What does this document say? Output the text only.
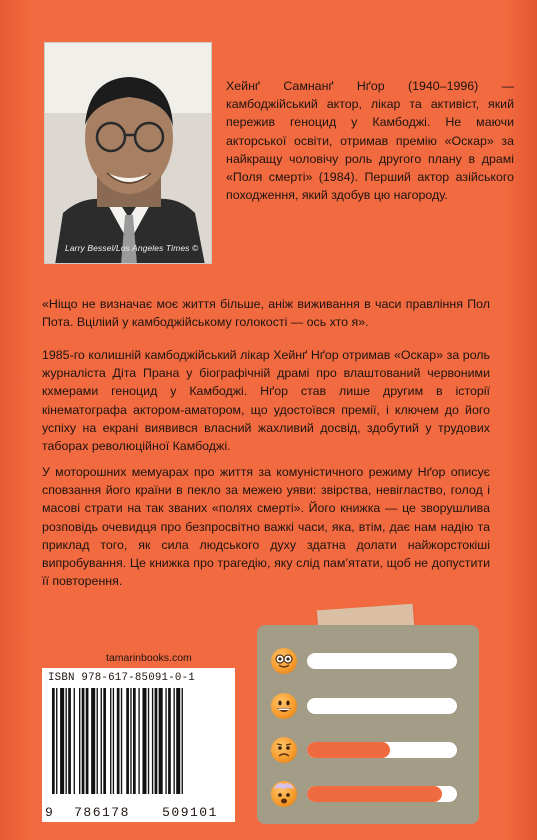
Larry Bessel/Los Angeles Times ©
Хейнґ Самнанґ Нґор (1940–1996) — камбоджійський актор, лікар та активіст, який пережив геноцид у Камбоджі. Не маючи акторської освіти, отримав премію «Оскар» за найкращу чоловічу роль другого плану в драмі «Поля смерті» (1984). Перший актор азійського походження, який здобув цю нагороду.
«Ніщо не визначає моє життя більше, аніж виживання в часи правління Пол Пота. Вціліий у камбоджійському голокості — ось хто я».
1985-го колишній камбоджійський лікар Хейнґ Нґор отримав «Оскар» за роль журналіста Діта Прана у біографічній драмі про влаштований червоними кхмерами геноцид у Камбоджі. Нґор став лише другим в історії кінематографа актором-аматором, що удостоївся премії, і ключем до його успіху на екрані виявився власний жахливий досвід, здобутий у трудових таборах революційної Камбоджі.
У моторошних мемуарах про життя за комуністичного режиму Нґор описує сповзання його країни в пекло за межею уяви: звірства, невігластво, голод і масові страти на так званих «полях смерті». Його книжка — це зворушлива розповідь очевидця про безпросвітно важкі часи, яка, втім, дає нам надію та приклад того, як сила людського духу здатна долати найжорстокіші випробування. Це книжка про трагедію, яку слід пам’ятати, щоб не допустити її повторення.
tamarinbooks.com
ISBN 978-617-85091-0-1
9	786178	509101
